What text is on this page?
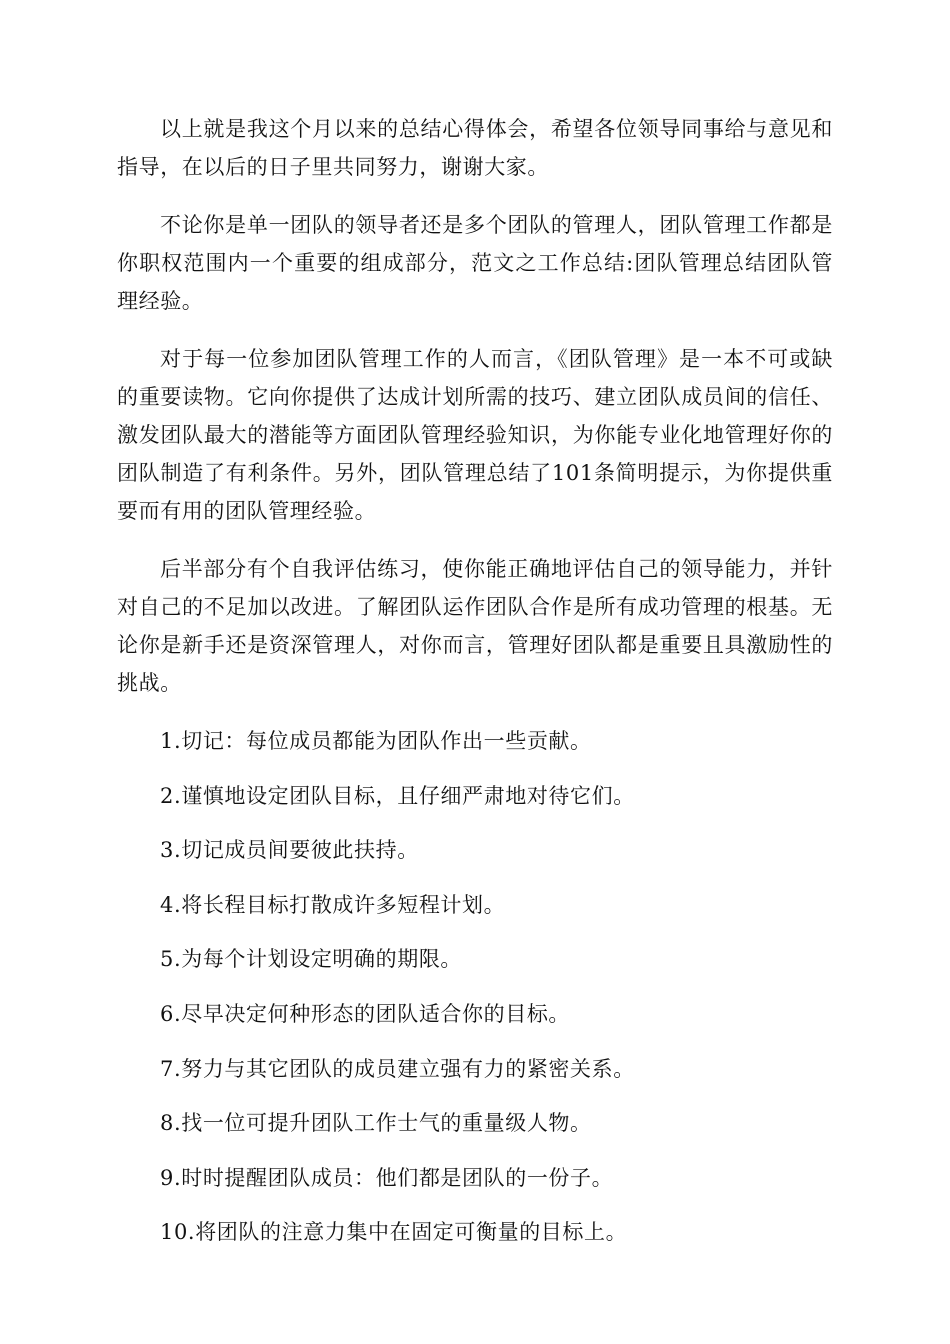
以上就是我这个月以来的总结心得体会，希望各位领导同事给与意见和指导，在以后的日子里共同努力，谢谢大家。

不论你是单一团队的领导者还是多个团队的管理人，团队管理工作都是你职权范围内一个重要的组成部分，范文之工作总结:团队管理总结团队管理经验。

对于每一位参加团队管理工作的人而言，《团队管理》是一本不可或缺的重要读物。它向你提供了达成计划所需的技巧、建立团队成员间的信任、激发团队最大的潜能等方面团队管理经验知识，为你能专业化地管理好你的团队制造了有利条件。另外，团队管理总结了101条简明提示，为你提供重要而有用的团队管理经验。

后半部分有个自我评估练习，使你能正确地评估自己的领导能力，并针对自己的不足加以改进。了解团队运作团队合作是所有成功管理的根基。无论你是新手还是资深管理人，对你而言，管理好团队都是重要且具激励性的挑战。

1.切记：每位成员都能为团队作出一些贡献。
2.谨慎地设定团队目标，且仔细严肃地对待它们。
3.切记成员间要彼此扶持。
4.将长程目标打散成许多短程计划。
5.为每个计划设定明确的期限。
6.尽早决定何种形态的团队适合你的目标。
7.努力与其它团队的成员建立强有力的紧密关系。
8.找一位可提升团队工作士气的重量级人物。
9.时时提醒团队成员：他们都是团队的一份子。
10.将团队的注意力集中在固定可衡量的目标上。
